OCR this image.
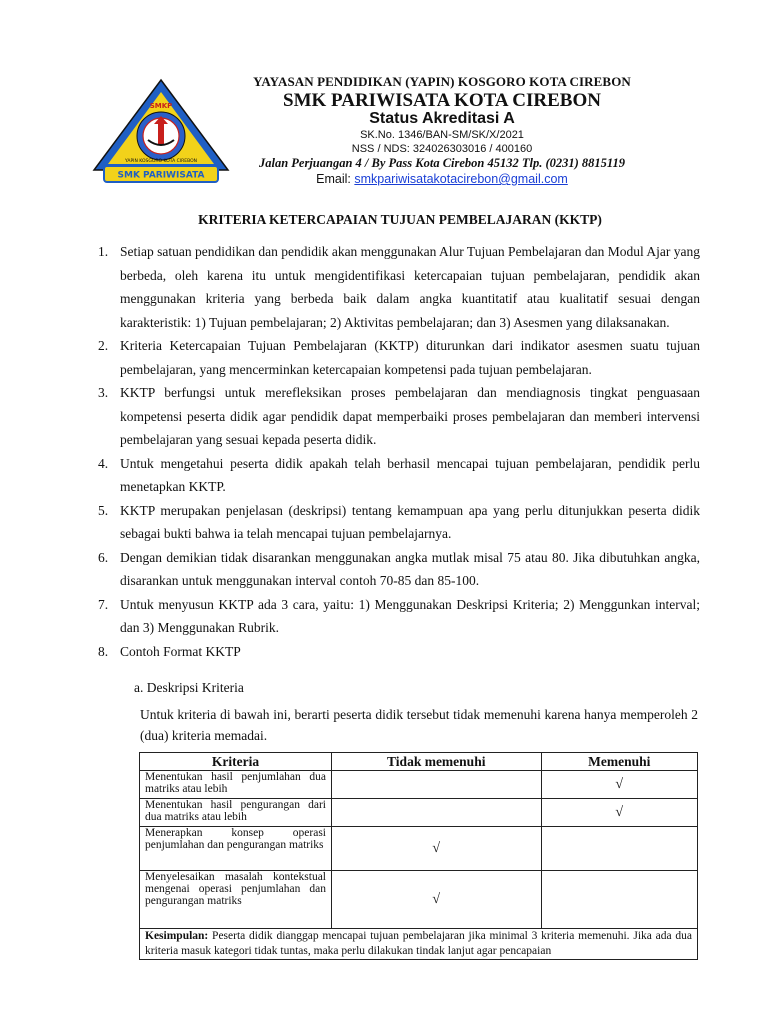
SMKP
YAPIN KOSGORO KOTA CIREBON
SMK PARIWISATA
YAYASAN PENDIDIKAN (YAPIN) KOSGORO KOTA CIREBON
SMK PARIWISATA KOTA CIREBON
Status Akreditasi A
SK.No. 1346/BAN-SM/SK/X/2021
NSS / NDS: 324026303016 / 400160
Jalan Perjuangan 4 / By Pass Kota Cirebon 45132 Tlp. (0231) 8815119
Email: smkpariwisatakotacirebon@gmail.com
KRITERIA KETERCAPAIAN TUJUAN PEMBELAJARAN (KKTP)
1. Setiap satuan pendidikan dan pendidik akan menggunakan Alur Tujuan Pembelajaran dan Modul Ajar yang berbeda, oleh karena itu untuk mengidentifikasi ketercapaian tujuan pembelajaran, pendidik akan menggunakan kriteria yang berbeda baik dalam angka kuantitatif atau kualitatif sesuai dengan karakteristik: 1) Tujuan pembelajaran; 2) Aktivitas pembelajaran; dan 3) Asesmen yang dilaksanakan.
2. Kriteria Ketercapaian Tujuan Pembelajaran (KKTP) diturunkan dari indikator asesmen suatu tujuan pembelajaran, yang mencerminkan ketercapaian kompetensi pada tujuan pembelajaran.
3. KKTP berfungsi untuk merefleksikan proses pembelajaran dan mendiagnosis tingkat penguasaan kompetensi peserta didik agar pendidik dapat memperbaiki proses pembelajaran dan memberi intervensi pembelajaran yang sesuai kepada peserta didik.
4. Untuk mengetahui peserta didik apakah telah berhasil mencapai tujuan pembelajaran, pendidik perlu menetapkan KKTP.
5. KKTP merupakan penjelasan (deskripsi) tentang kemampuan apa yang perlu ditunjukkan peserta didik sebagai bukti bahwa ia telah mencapai tujuan pembelajarnya.
6. Dengan demikian tidak disarankan menggunakan angka mutlak misal 75 atau 80. Jika dibutuhkan angka, disarankan untuk menggunakan interval contoh 70-85 dan 85-100.
7. Untuk menyusun KKTP ada 3 cara, yaitu: 1) Menggunakan Deskripsi Kriteria; 2) Menggunkan interval; dan 3) Menggunakan Rubrik.
8. Contoh Format KKTP
a. Deskripsi Kriteria
Untuk kriteria di bawah ini, berarti peserta didik tersebut tidak memenuhi karena hanya memperoleh 2 (dua) kriteria memadai.
Kriteria	Tidak memenuhi	Memenuhi
Menentukan hasil penjumlahan dua matriks atau lebih		√
Menentukan hasil pengurangan dari dua matriks atau lebih		√
Menerapkan konsep operasi penjumlahan dan pengurangan matriks	√	
Menyelesaikan masalah kontekstual mengenai operasi penjumlahan dan pengurangan matriks	√	
Kesimpulan: Peserta didik dianggap mencapai tujuan pembelajaran jika minimal 3 kriteria memenuhi. Jika ada dua kriteria masuk kategori tidak tuntas, maka perlu dilakukan tindak lanjut agar pencapaian		
